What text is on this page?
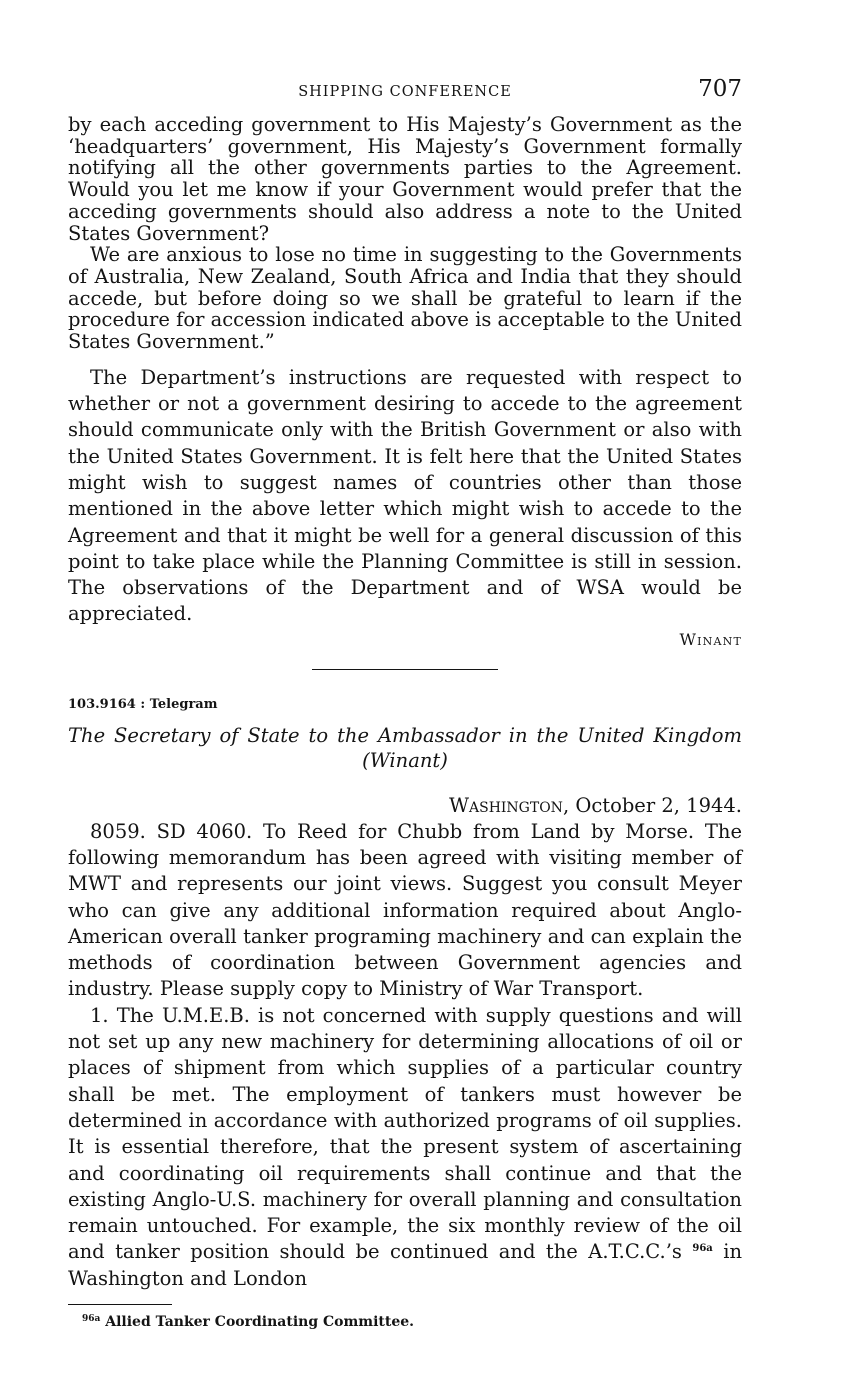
SHIPPING CONFERENCE	707

by each acceding government to His Majesty’s Government as the ‘headquarters’ government, His Majesty’s Government formally notifying all the other governments parties to the Agreement. Would you let me know if your Government would prefer that the acceding governments should also address a note to the United States Government?

We are anxious to lose no time in suggesting to the Governments of Australia, New Zealand, South Africa and India that they should accede, but before doing so we shall be grateful to learn if the procedure for accession indicated above is acceptable to the United States Government.”

The Department’s instructions are requested with respect to whether or not a government desiring to accede to the agreement should communicate only with the British Government or also with the United States Government. It is felt here that the United States might wish to suggest names of countries other than those mentioned in the above letter which might wish to accede to the Agreement and that it might be well for a general discussion of this point to take place while the Planning Committee is still in session. The observations of the Department and of WSA would be appreciated.

Winant
103.9164 : Telegram
The Secretary of State to the Ambassador in the United Kingdom (Winant)
Washington, October 2, 1944.

8059. SD 4060. To Reed for Chubb from Land by Morse. The following memorandum has been agreed with visiting member of MWT and represents our joint views. Suggest you consult Meyer who can give any additional information required about Anglo-American overall tanker programing machinery and can explain the methods of coordination between Government agencies and industry. Please supply copy to Ministry of War Transport.

1. The U.M.E.B. is not concerned with supply questions and will not set up any new machinery for determining allocations of oil or places of shipment from which supplies of a particular country shall be met. The employment of tankers must however be determined in accordance with authorized programs of oil supplies. It is essential therefore, that the present system of ascertaining and coordinating oil requirements shall continue and that the existing Anglo-U.S. machinery for overall planning and consultation remain untouched. For example, the six monthly review of the oil and tanker position should be continued and the A.T.C.C.’s $^{96a}$ in Washington and London

$^{96a}$ Allied Tanker Coordinating Committee.
